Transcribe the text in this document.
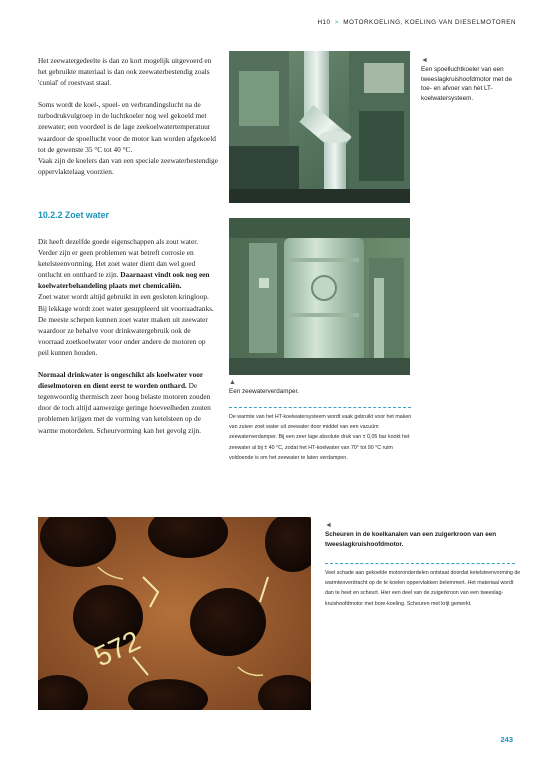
H10 > MOTORKOELING, KOELING VAN DIESELMOTOREN

Het zeewatergedeelte is dan zo kort mogelijk uitgevoerd en het gebruikte materiaal is dan ook zeewaterbestendig zoals 'cunial' of roestvast staal.

Soms wordt de koel-, spoel- en verbrandingslucht na de turbodrukvulgroep in de luchtkoeler nog wel gekoeld met zeewater; een voordeel is de lage zeekoelwatertemperatuur waardoor de spoellucht voor de motor kan worden afgekoeld tot de gewenste 35 °C tot 40 °C.

Vaak zijn de koelers dan van een speciale zeewaterbestendige oppervlaktelaag voorzien.

10.2.2 Zoet water

Dit heeft dezelfde goede eigenschappen als zout water. Verder zijn er geen problemen wat betreft corrosie en ketelsteenvorming. Het zoet water dient dan wel goed ontlucht en ontthard te zijn. Daarnaast vindt ook nog een koelwaterbehandeling plaats met chemicaliën.

Zoet water wordt altijd gebruikt in een gesloten kringloop. Bij lekkage wordt zoet water gesuppleerd uit voorraadtanks. De meeste schepen kunnen zoet water maken uit zeewater waardoor ze behalve voor drinkwatergebruik ook de voorraad zoetkoelwater voor onder andere de motoren op peil kunnen houden.

Normaal drinkwater is ongeschikt als koelwater voor dieselmotoren en dient eerst te worden onthard. De tegenwoordig thermisch zeer hoog belaste motoren zouden door de toch altijd aanwezige geringe hoeveelheden zouten problemen krijgen met de vorming van ketelsteen op de warme motordelen. Scheurvorming kan het gevolg zijn.

◄
Een spoelluchtkoeler van een tweeslagkruishoofdmotor met de toe- en afvoer van het LT-koelwatersysteem.
▲
Een zeewaterverdamper.
De warmte van het HT-koelwatersysteem wordt vaak gebruikt voor het maken van zuiver zoet water uit zeewater door middel van een vacuüm zeewaterverdamper. Bij een zeer lage absolute druk van ± 0,05 bar kookt het zeewater al bij ± 40 °C, zodat het HT-koelwater van 70° tot 90 °C ruim voldoende is om het zeewater te laten verdampen.
572
◄
Scheuren in de koelkanalen van een zuigerkroon van een tweeslagkruishoofdmotor.
Veel schade aan gekoelde motoronderdelen ontstaat doordat ketelsteenvorming de warmteoverdracht op de te koelen oppervlakken belemmert. Het materiaal wordt dan te heet en scheurt. Hier een deel van de zuigerkroon van een tweeslag-kruishoofdmotor met bore-koeling. Scheuren met krijt gemerkt.
243
